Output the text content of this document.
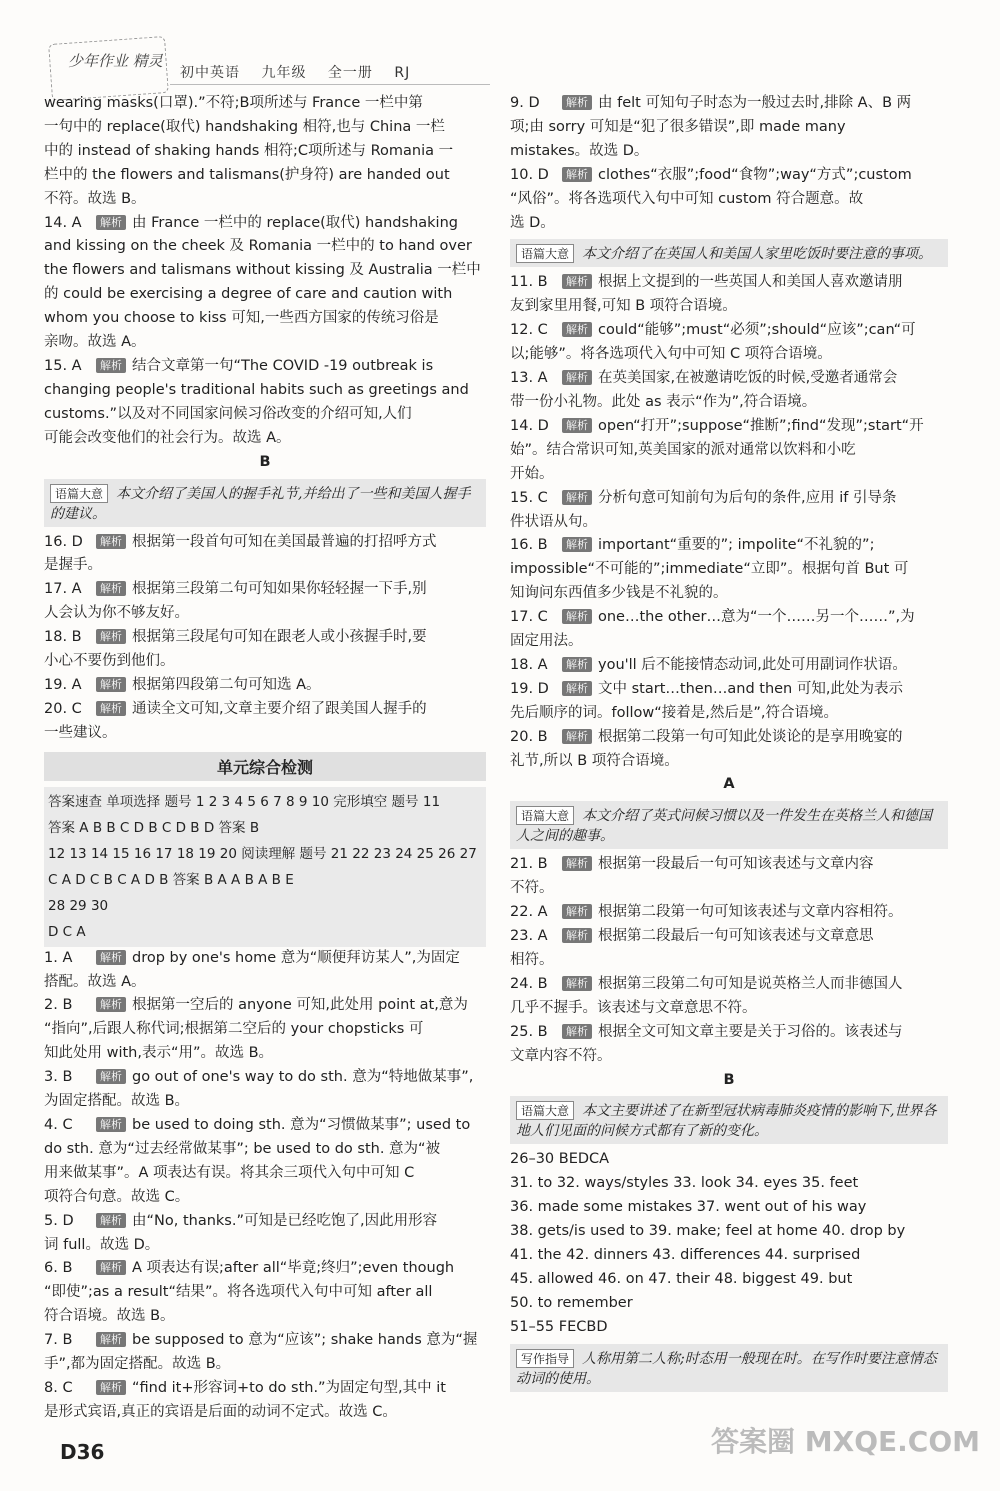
少年作业 精灵
初中英语 九年级 全一册 RJ
wearing masks(口罩).”不符;B项所述与 France 一栏中第
一句中的 replace(取代) handshaking 相符,也与 China 一栏
中的 instead of shaking hands 相符;C项所述与 Romania 一
栏中的 the flowers and talismans(护身符) are handed out
不符。故选 B。
14. A	解析 由 France 一栏中的 replace(取代) handshaking
and kissing on the cheek 及 Romania 一栏中的 to hand over
the flowers and talismans without kissing 及 Australia 一栏中
的 could be exercising a degree of care and caution with
whom you choose to kiss 可知,一些西方国家的传统习俗是
亲吻。故选 A。
15. A	解析 结合文章第一句“The COVID -19 outbreak is
changing people's traditional habits such as greetings and
customs.”以及对不同国家问候习俗改变的介绍可知,人们
可能会改变他们的社会行为。故选 A。
B
语篇大意 本文介绍了美国人的握手礼节,并给出了一些和美国人握手的建议。
16. D	解析 根据第一段首句可知在美国最普遍的打招呼方式
是握手。
17. A	解析 根据第三段第二句可知如果你轻轻握一下手,别
人会认为你不够友好。
18. B	解析 根据第三段尾句可知在跟老人或小孩握手时,要
小心不要伤到他们。
19. A	解析 根据第四段第二句可知选 A。
20. C	解析 通读全文可知,文章主要介绍了跟美国人握手的
一些建议。
单元综合检测
答案速查 单项选择 题号 1 2 3 4 5 6 7 8 9 10 完形填空 题号 11
答案 A B B C D B C D B D 答案 B
12 13 14 15 16 17 18 19 20 阅读理解 题号 21 22 23 24 25 26 27
C A D C B C A D B 答案 B A A B A B E
28 29 30
D C A
1. A	解析 drop by one's home 意为“顺便拜访某人”,为固定
搭配。故选 A。
2. B	解析 根据第一空后的 anyone 可知,此处用 point at,意为
“指向”,后跟人称代词;根据第二空后的 your chopsticks 可
知此处用 with,表示“用”。故选 B。
3. B	解析 go out of one's way to do sth. 意为“特地做某事”,
为固定搭配。故选 B。
4. C	解析 be used to doing sth. 意为“习惯做某事”; used to
do sth. 意为“过去经常做某事”; be used to do sth. 意为“被
用来做某事”。A 项表达有误。将其余三项代入句中可知 C
项符合句意。故选 C。
5. D	解析 由“No, thanks.”可知是已经吃饱了,因此用形容
词 full。故选 D。
6. B	解析 A 项表达有误;after all“毕竟;终归”;even though
“即使”;as a result“结果”。将各选项代入句中可知 after all
符合语境。故选 B。
7. B	解析 be supposed to 意为“应该”; shake hands 意为“握
手”,都为固定搭配。故选 B。
8. C	解析 “find it+形容词+to do sth.”为固定句型,其中 it
是形式宾语,真正的宾语是后面的动词不定式。故选 C。
9. D	解析 由 felt 可知句子时态为一般过去时,排除 A、B 两
项;由 sorry 可知是“犯了很多错误”,即 made many
mistakes。故选 D。
10. D	解析 clothes“衣服”;food“食物”;way“方式”;custom
“风俗”。将各选项代入句中可知 custom 符合题意。故
选 D。
语篇大意 本文介绍了在英国人和美国人家里吃饭时要注意的事项。
11. B	解析 根据上文提到的一些英国人和美国人喜欢邀请朋
友到家里用餐,可知 B 项符合语境。
12. C	解析 could“能够”;must“必须”;should“应该”;can“可
以;能够”。将各选项代入句中可知 C 项符合语境。
13. A	解析 在英美国家,在被邀请吃饭的时候,受邀者通常会
带一份小礼物。此处 as 表示“作为”,符合语境。
14. D	解析 open“打开”;suppose“推断”;find“发现”;start“开
始”。结合常识可知,英美国家的派对通常以饮料和小吃
开始。
15. C	解析 分析句意可知前句为后句的条件,应用 if 引导条
件状语从句。
16. B	解析 important“重要的”; impolite“不礼貌的”;
impossible“不可能的”;immediate“立即”。根据句首 But 可
知询问东西值多少钱是不礼貌的。
17. C	解析 one…the other…意为“一个……另一个……”,为
固定用法。
18. A	解析 you'll 后不能接情态动词,此处可用副词作状语。
19. D	解析 文中 start…then…and then 可知,此处为表示
先后顺序的词。follow“接着是,然后是”,符合语境。
20. B	解析 根据第二段第一句可知此处谈论的是享用晚宴的
礼节,所以 B 项符合语境。
A
语篇大意 本文介绍了英式问候习惯以及一件发生在英格兰人和德国人之间的趣事。
21. B	解析 根据第一段最后一句可知该表述与文章内容
不符。
22. A	解析 根据第二段第一句可知该表述与文章内容相符。
23. A	解析 根据第二段最后一句可知该表述与文章意思
相符。
24. B	解析 根据第三段第二句可知是说英格兰人而非德国人
几乎不握手。该表述与文章意思不符。
25. B	解析 根据全文可知文章主要是关于习俗的。该表述与
文章内容不符。
B
语篇大意 本文主要讲述了在新型冠状病毒肺炎疫情的影响下,世界各地人们见面的问候方式都有了新的变化。
26–30 BEDCA
31. to 32. ways/styles 33. look 34. eyes 35. feet
36. made some mistakes 37. went out of his way
38. gets/is used to 39. make; feel at home 40. drop by
41. the 42. dinners 43. differences 44. surprised
45. allowed 46. on 47. their 48. biggest 49. but
50. to remember
51–55 FECBD
写作指导 人称用第二人称;时态用一般现在时。在写作时要注意情态动词的使用。
D36	答案圈 MXQE.COM
